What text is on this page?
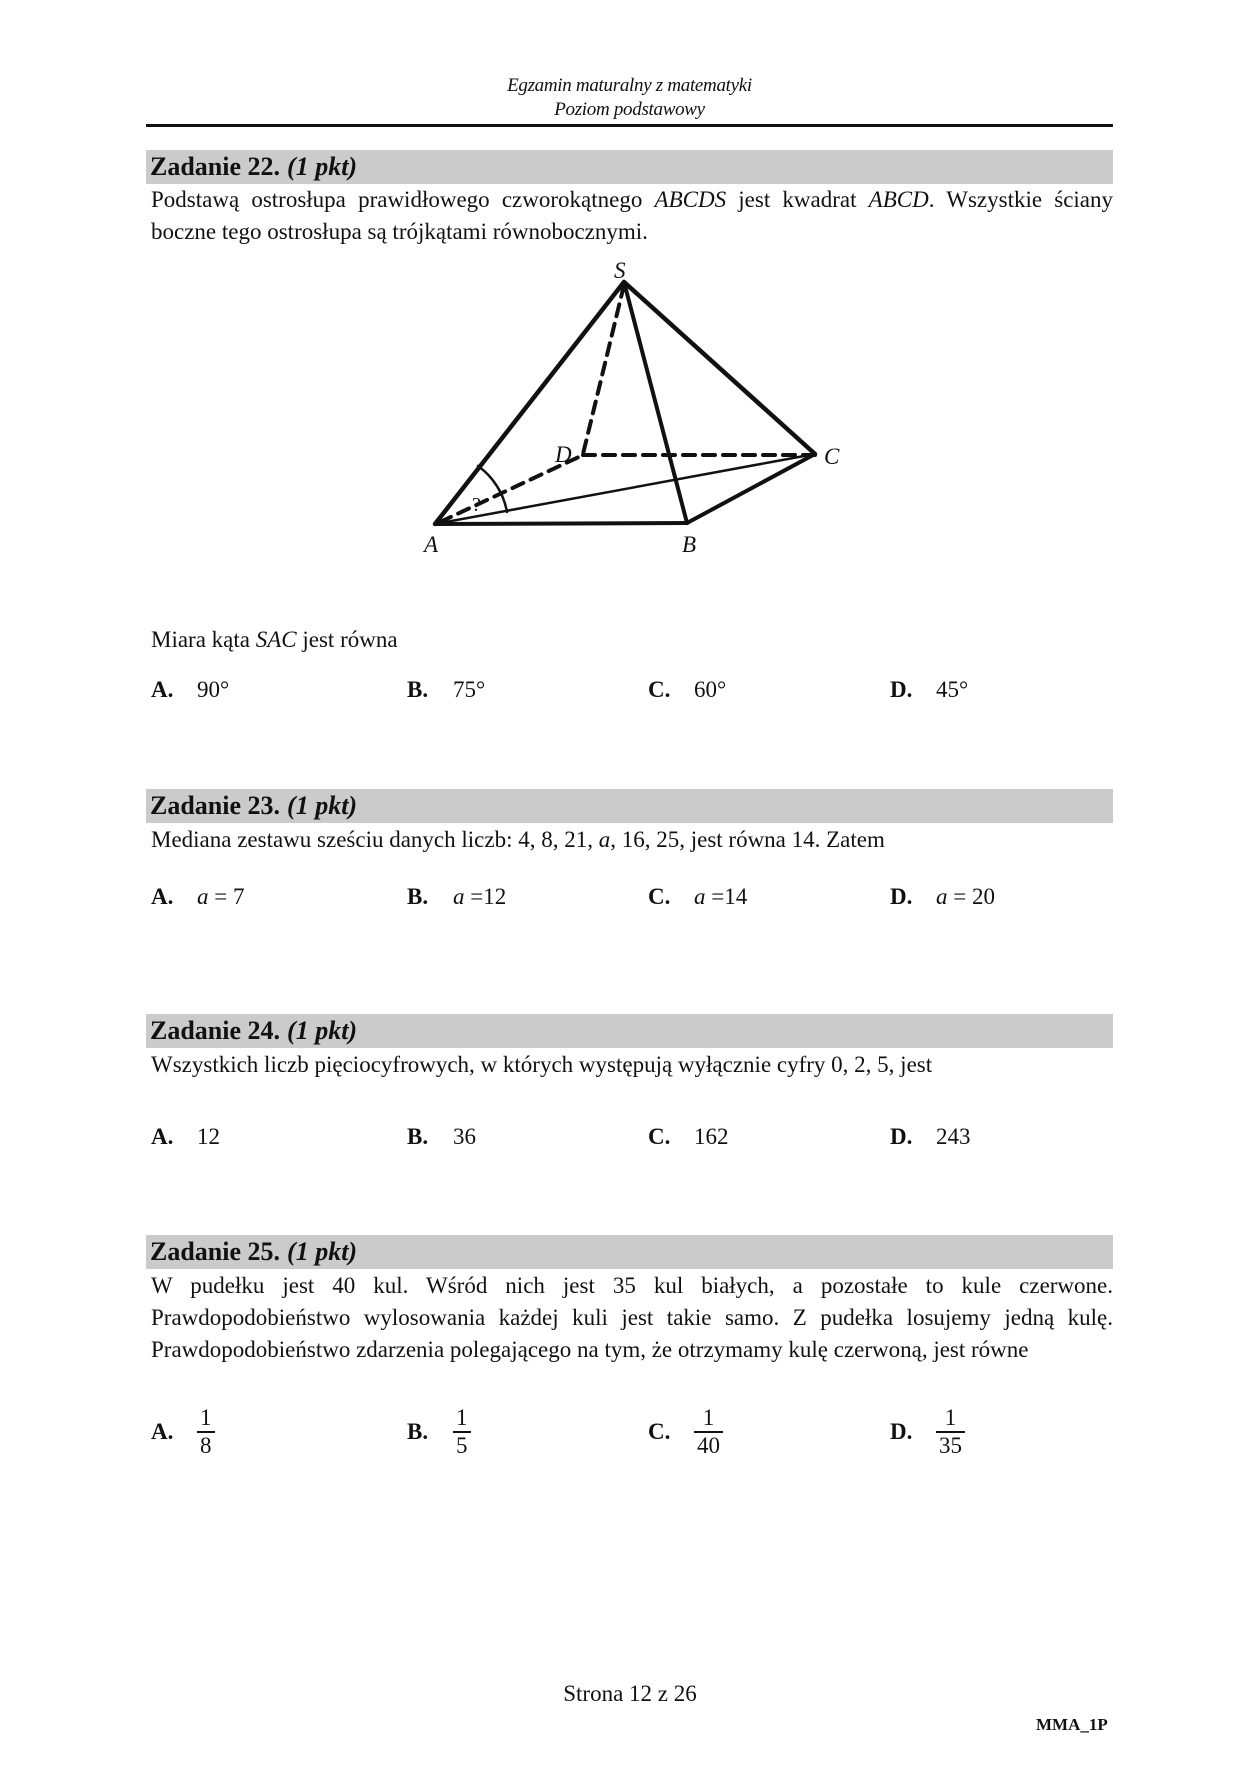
Egzamin maturalny z matematyki
Poziom podstawowy
Zadanie 22. (1 pkt)
Podstawą ostrosłupa prawidłowego czworokątnego ABCDS jest kwadrat ABCD. Wszystkie ściany boczne tego ostrosłupa są trójkątami równobocznymi.
S
A	B
C
D
?
Miara kąta SAC jest równa
A. 90°	B. 75°	C. 60°	D. 45°
Zadanie 23. (1 pkt)
Mediana zestawu sześciu danych liczb: 4, 8, 21, a, 16, 25, jest równa 14. Zatem
A. a = 7	B. a =12	C. a =14	D. a = 20
Zadanie 24. (1 pkt)
Wszystkich liczb pięciocyfrowych, w których występują wyłącznie cyfry 0, 2, 5, jest
A. 12	B. 36	C. 162	D. 243
Zadanie 25. (1 pkt)
W pudełku jest 40 kul. Wśród nich jest 35 kul białych, a pozostałe to kule czerwone. Prawdopodobieństwo wylosowania każdej kuli jest takie samo. Z pudełka losujemy jedną kulę. Prawdopodobieństwo zdarzenia polegającego na tym, że otrzymamy kulę czerwoną, jest równe
A. $\frac{1}{8}$	B. $\frac{1}{5}$	C. $\frac{1}{40}$	D. $\frac{1}{35}$
Strona 12 z 26
MMA_1P
